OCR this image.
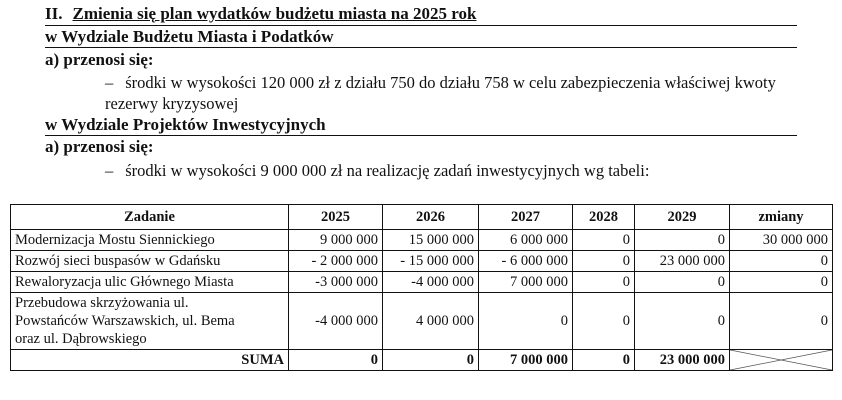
II. Zmienia się plan wydatków budżetu miasta na 2025 rok
w Wydziale Budżetu Miasta i Podatków
a) przenosi się:
– środki w wysokości 120 000 zł z działu 750 do działu 758 w celu zabezpieczenia właściwej kwoty rezerwy kryzysowej
w Wydziale Projektów Inwestycyjnych
a) przenosi się:
– środki w wysokości 9 000 000 zł na realizację zadań inwestycyjnych wg tabeli:
Zadanie	2025	2026	2027	2028	2029	zmiany
Modernizacja Mostu Siennickiego	9 000 000	15 000 000	6 000 000	0	0	30 000 000
Rozwój sieci buspasów w Gdańsku	- 2 000 000	- 15 000 000	- 6 000 000	0	23 000 000	0
Rewaloryzacja ulic Głównego Miasta	-3 000 000	-4 000 000	7 000 000	0	0	0

Przebudowa skrzyżowania ul.
Powstańców Warszawskich, ul. Bema
oraz ul. Dąbrowskiego	-4 000 000	4 000 000	0	0	0	0
SUMA	0	0	7 000 000	0	23 000 000	
